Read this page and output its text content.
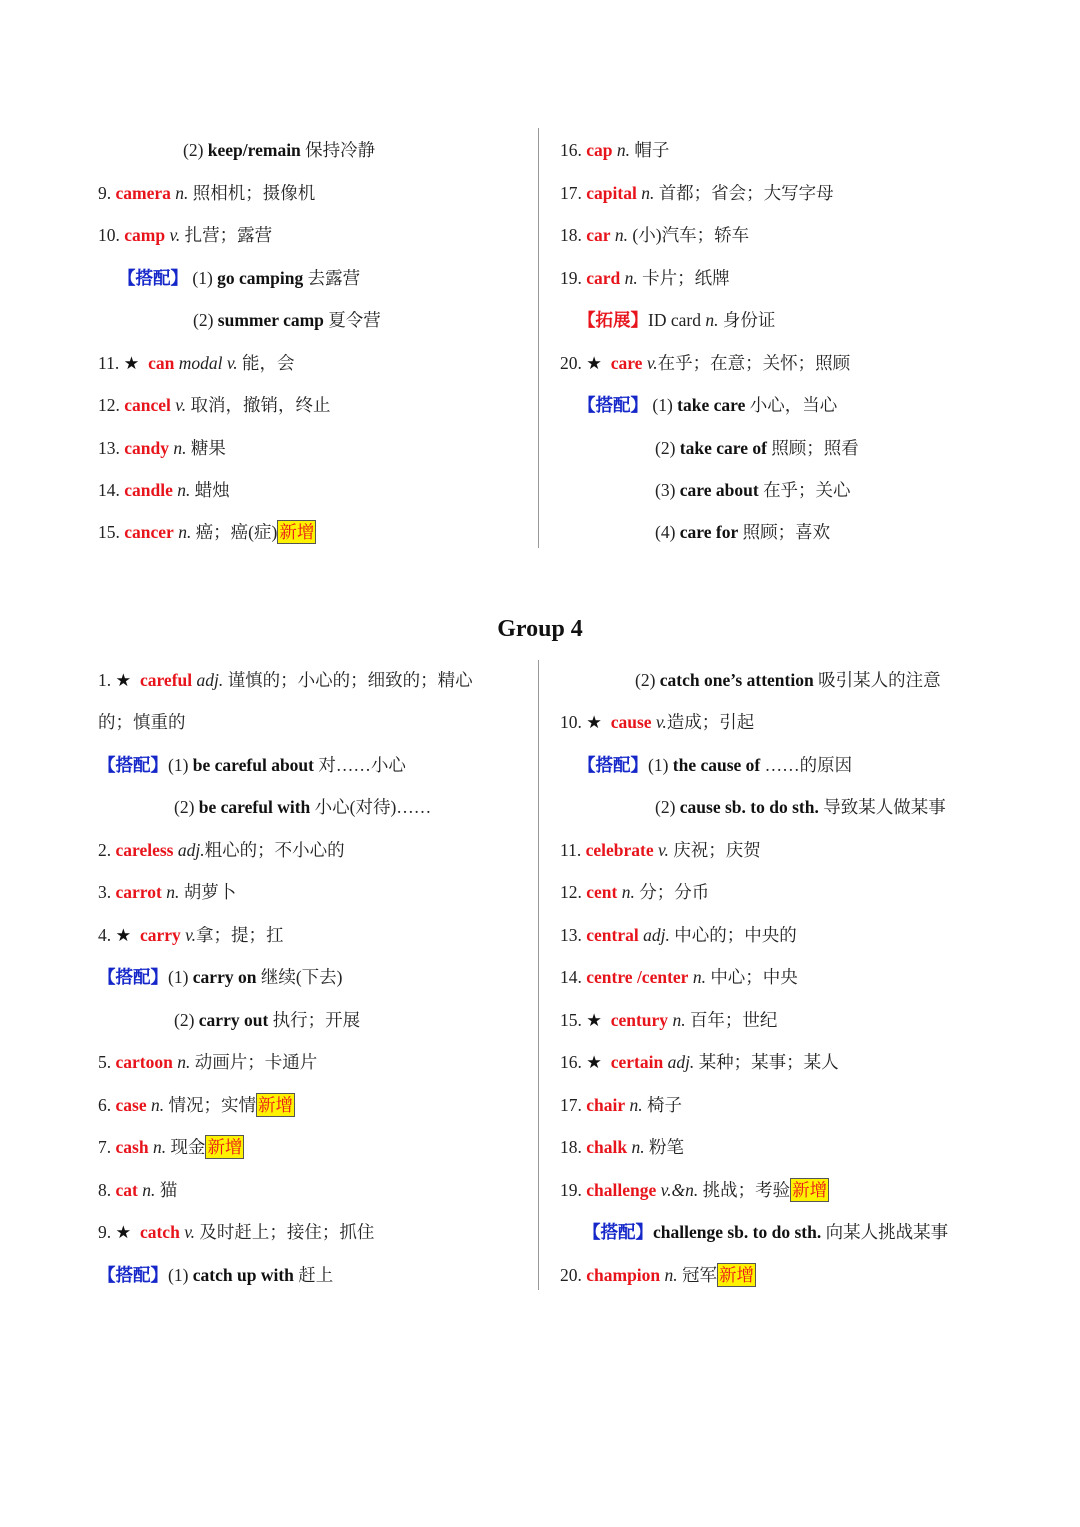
(2) keep/remain 保持冷静
9. camera n. 照相机；摄像机
10. camp v. 扎营；露营
【搭配】 (1) go camping 去露营
(2) summer camp 夏令营
11. ★ can modal v. 能，会
12. cancel v. 取消，撤销，终止
13. candy n. 糖果
14. candle n. 蜡烛
15. cancer n. 癌；癌(症) 新增
16. cap n. 帽子
17. capital n. 首都；省会；大写字母
18. car n. (小)汽车；轿车
19. card n. 卡片；纸牌
【拓展】ID card n. 身份证
20. ★ care v.在乎；在意；关怀；照顾
【搭配】 (1) take care 小心，当心
(2) take care of 照顾；照看
(3) care about 在乎；关心
(4) care for 照顾；喜欢
Group 4
1. ★ careful adj. 谨慎的；小心的；细致的；精心
的；慎重的
【搭配】(1) be careful about 对……小心
(2) be careful with 小心(对待)……
2. careless adj.粗心的；不小心的
3. carrot n. 胡萝卜
4. ★ carry v.拿；提；扛
【搭配】(1) carry on 继续(下去)
(2) carry out 执行；开展
5. cartoon n. 动画片；卡通片
6. case n. 情况；实情 新增
7. cash n. 现金 新增
8. cat n. 猫
9. ★ catch v. 及时赶上；接住；抓住
【搭配】(1) catch up with 赶上
(2) catch one’s attention 吸引某人的注意
10. ★ cause v.造成；引起
【搭配】(1) the cause of ……的原因
(2) cause sb. to do sth. 导致某人做某事
11. celebrate v. 庆祝；庆贺
12. cent n. 分；分币
13. central adj. 中心的；中央的
14. centre /center n. 中心；中央
15. ★ century n. 百年；世纪
16. ★ certain adj. 某种；某事；某人
17. chair n. 椅子
18. chalk n. 粉笔
19. challenge v.&n. 挑战；考验 新增
【搭配】challenge sb. to do sth. 向某人挑战某事
20. champion n. 冠军 新增
